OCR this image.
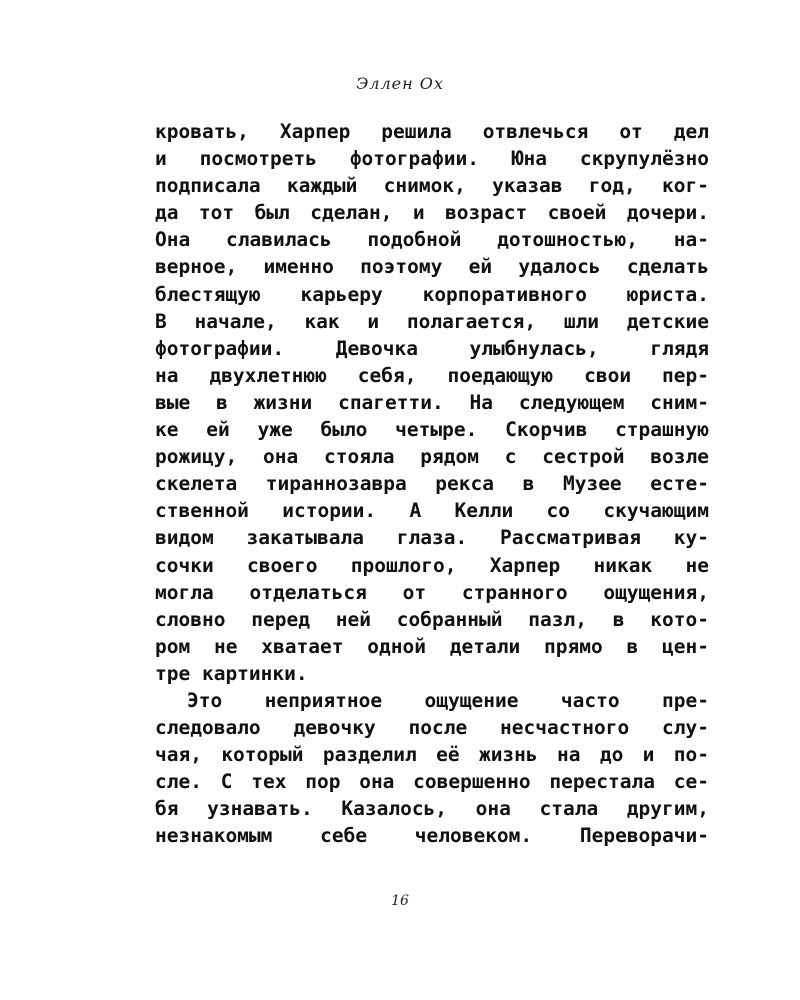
Эллен Ох
кровать, Харпер решила отвлечься от дел
и посмотреть фотографии. Юна скрупулёзно
подписала каждый снимок, указав год, ког-
да тот был сделан, и возраст своей дочери.
Она славилась подобной дотошностью, на-
верное, именно поэтому ей удалось сделать
блестящую карьеру корпоративного юриста.
В начале, как и полагается, шли детские
фотографии. Девочка улыбнулась, глядя
на двухлетнюю себя, поедающую свои пер-
вые в жизни спагетти. На следующем сним-
ке ей уже было четыре. Скорчив страшную
рожицу, она стояла рядом с сестрой возле
скелета тираннозавра рекса в Музее есте-
ственной истории. А Келли со скучающим
видом закатывала глаза. Рассматривая ку-
сочки своего прошлого, Харпер никак не
могла отделаться от странного ощущения,
словно перед ней собранный пазл, в кото-
ром не хватает одной детали прямо в цен-
тре картинки.
Это неприятное ощущение часто пре-
следовало девочку после несчастного слу-
чая, который разделил её жизнь на до и по-
сле. С тех пор она совершенно перестала се-
бя узнавать. Казалось, она стала другим,
незнакомым себе человеком. Переворачи-
16
